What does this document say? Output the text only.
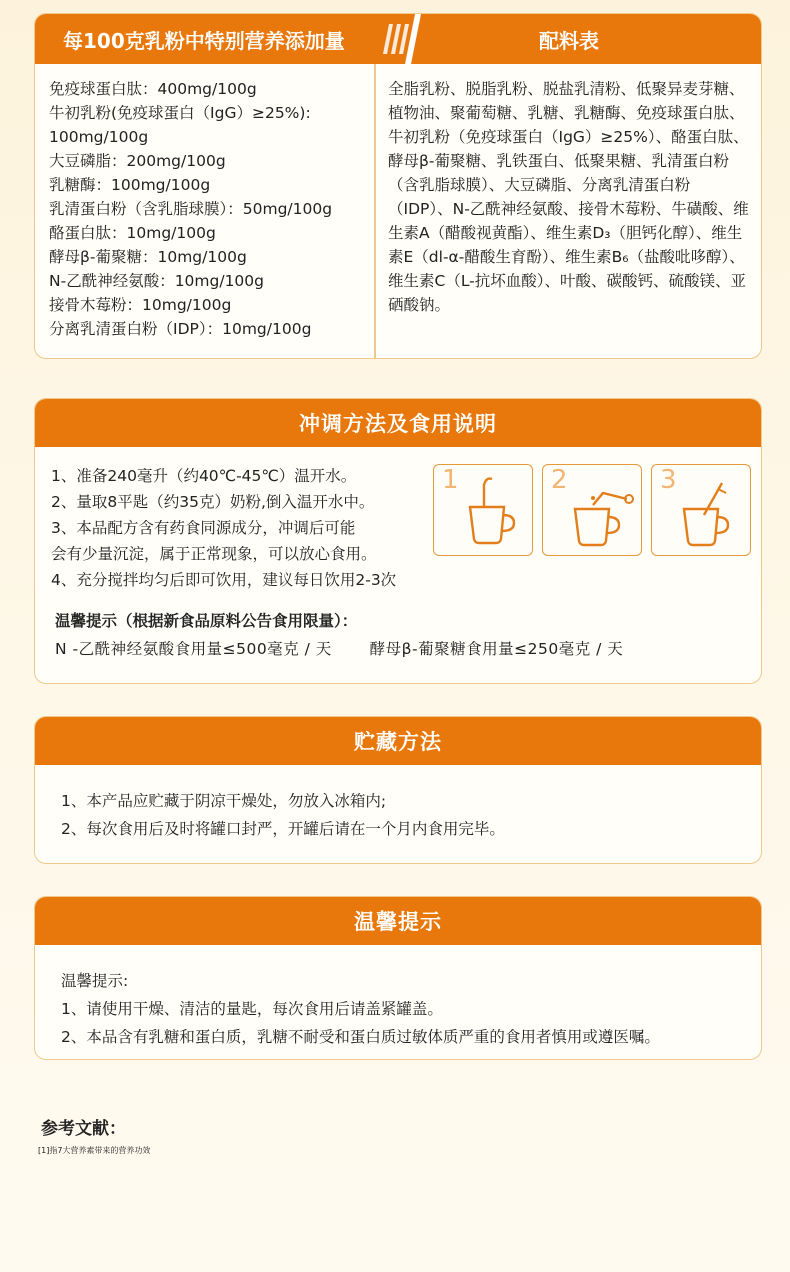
每100克乳粉中特别营养添加量	配料表
免疫球蛋白肽：400mg/100g
牛初乳粉(免疫球蛋白（IgG）≥25%):
100mg/100g
大豆磷脂：200mg/100g
乳糖酶：100mg/100g
乳清蛋白粉（含乳脂球膜）：50mg/100g
酪蛋白肽：10mg/100g
酵母β-葡聚糖：10mg/100g
N-乙酰神经氨酸：10mg/100g
接骨木莓粉：10mg/100g
分离乳清蛋白粉（IDP）：10mg/100g
全脂乳粉、脱脂乳粉、脱盐乳清粉、低聚异麦芽糖、植物油、聚葡萄糖、乳糖、乳糖酶、免疫球蛋白肽、牛初乳粉（免疫球蛋白（IgG）≥25%）、酪蛋白肽、酵母β-葡聚糖、乳铁蛋白、低聚果糖、乳清蛋白粉（含乳脂球膜）、大豆磷脂、分离乳清蛋白粉（IDP）、N-乙酰神经氨酸、接骨木莓粉、牛磺酸、维生素A（醋酸视黄酯）、维生素D₃（胆钙化醇）、维生素E（dl-α-醋酸生育酚）、维生素B₆（盐酸吡哆醇）、维生素C（L-抗坏血酸）、叶酸、碳酸钙、硫酸镁、亚硒酸钠。
冲调方法及食用说明
1、准备240毫升（约40℃-45℃）温开水。
2、量取8平匙（约35克）奶粉,倒入温开水中。
3、本品配方含有药食同源成分，冲调后可能
会有少量沉淀，属于正常现象，可以放心食用。
4、充分搅拌均匀后即可饮用，建议每日饮用2-3次
1	2	3
温馨提示（根据新食品原料公告食用限量）：
N -乙酰神经氨酸食用量≤500毫克 / 天 酵母β-葡聚糖食用量≤250毫克 / 天
贮藏方法
1、本产品应贮藏于阴凉干燥处，勿放入冰箱内;
2、每次食用后及时将罐口封严，开罐后请在一个月内食用完毕。
温馨提示
温馨提示:
1、请使用干燥、清洁的量匙，每次食用后请盖紧罐盖。
2、本品含有乳糖和蛋白质，乳糖不耐受和蛋白质过敏体质严重的食用者慎用或遵医嘱。
参考文献：
[1]指7大营养素带来的营养功效
